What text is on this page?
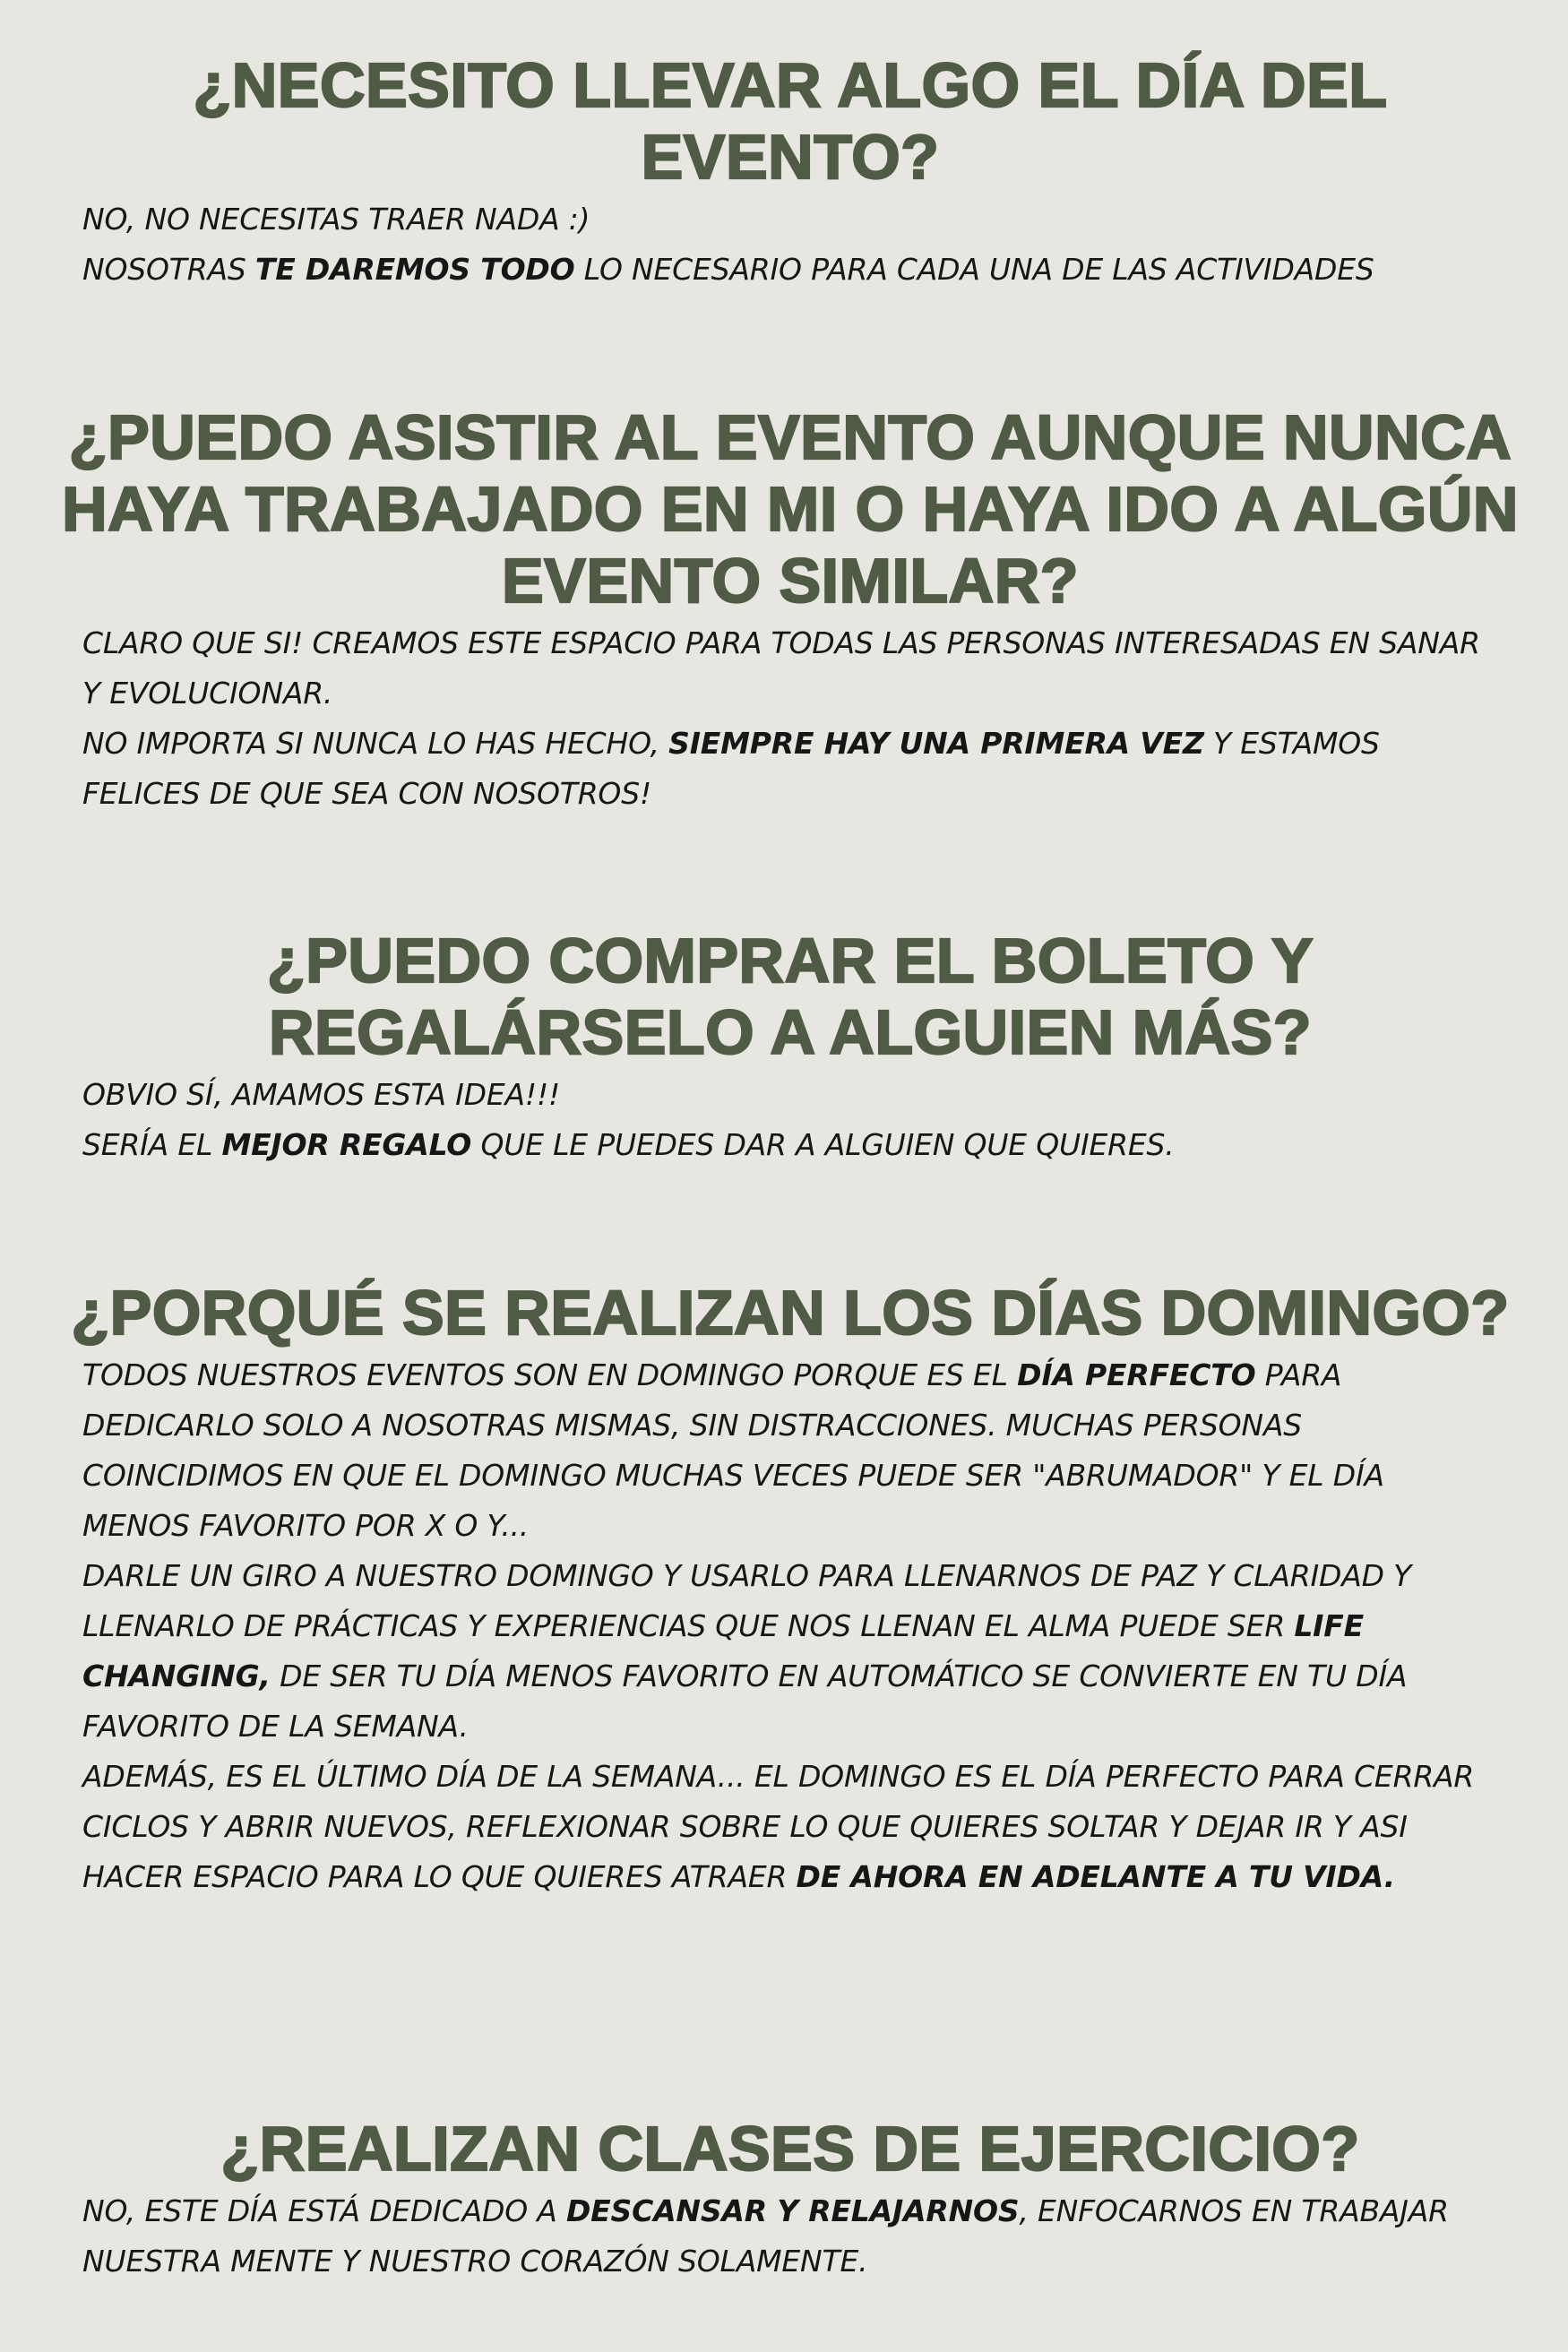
¿NECESITO LLEVAR ALGO EL DÍA DEL EVENTO?

NO, NO NECESITAS TRAER NADA :)

NOSOTRAS TE DAREMOS TODO LO NECESARIO PARA CADA UNA DE LAS ACTIVIDADES

¿PUEDO ASISTIR AL EVENTO AUNQUE NUNCA HAYA TRABAJADO EN MI O HAYA IDO A ALGÚN EVENTO SIMILAR?

CLARO QUE SI! CREAMOS ESTE ESPACIO PARA TODAS LAS PERSONAS INTERESADAS EN SANAR Y EVOLUCIONAR.

NO IMPORTA SI NUNCA LO HAS HECHO, SIEMPRE HAY UNA PRIMERA VEZ Y ESTAMOS FELICES DE QUE SEA CON NOSOTROS!

¿PUEDO COMPRAR EL BOLETO Y REGALÁRSELO A ALGUIEN MÁS?

OBVIO SÍ, AMAMOS ESTA IDEA!!!

SERÍA EL MEJOR REGALO QUE LE PUEDES DAR A ALGUIEN QUE QUIERES.

¿PORQUÉ SE REALIZAN LOS DÍAS DOMINGO?

TODOS NUESTROS EVENTOS SON EN DOMINGO PORQUE ES EL DÍA PERFECTO PARA DEDICARLO SOLO A NOSOTRAS MISMAS, SIN DISTRACCIONES. MUCHAS PERSONAS COINCIDIMOS EN QUE EL DOMINGO MUCHAS VECES PUEDE SER "ABRUMADOR" Y EL DÍA MENOS FAVORITO POR X O Y...

DARLE UN GIRO A NUESTRO DOMINGO Y USARLO PARA LLENARNOS DE PAZ Y CLARIDAD Y LLENARLO DE PRÁCTICAS Y EXPERIENCIAS QUE NOS LLENAN EL ALMA PUEDE SER LIFE CHANGING, DE SER TU DÍA MENOS FAVORITO EN AUTOMÁTICO SE CONVIERTE EN TU DÍA FAVORITO DE LA SEMANA.

ADEMÁS, ES EL ÚLTIMO DÍA DE LA SEMANA... EL DOMINGO ES EL DÍA PERFECTO PARA CERRAR CICLOS Y ABRIR NUEVOS, REFLEXIONAR SOBRE LO QUE QUIERES SOLTAR Y DEJAR IR Y ASI HACER ESPACIO PARA LO QUE QUIERES ATRAER DE AHORA EN ADELANTE A TU VIDA.

¿REALIZAN CLASES DE EJERCICIO?

NO, ESTE DÍA ESTÁ DEDICADO A DESCANSAR Y RELAJARNOS, ENFOCARNOS EN TRABAJAR NUESTRA MENTE Y NUESTRO CORAZÓN SOLAMENTE.
